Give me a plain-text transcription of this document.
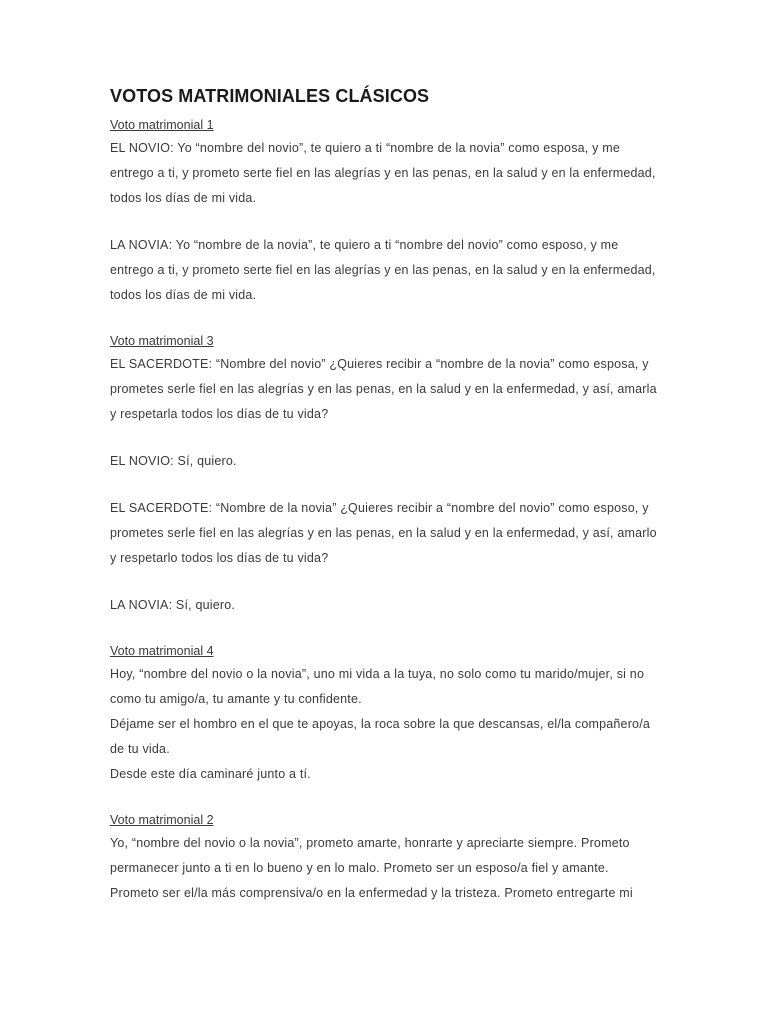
VOTOS MATRIMONIALES CLÁSICOS
Voto matrimonial 1

EL NOVIO: Yo “nombre del novio”, te quiero a ti “nombre de la novia” como esposa, y me entrego a ti, y prometo serte fiel en las alegrías y en las penas, en la salud y en la enfermedad, todos los días de mi vida.

LA NOVIA: Yo “nombre de la novia”, te quiero a ti “nombre del novio” como esposo, y me entrego a ti, y prometo serte fiel en las alegrías y en las penas, en la salud y en la enfermedad, todos los días de mi vida.

Voto matrimonial 3

EL SACERDOTE: “Nombre del novio” ¿Quieres recibir a “nombre de la novia” como esposa, y prometes serle fiel en las alegrías y en las penas, en la salud y en la enfermedad, y así, amarla y respetarla todos los días de tu vida?

EL NOVIO: Sí, quiero.

EL SACERDOTE: “Nombre de la novia” ¿Quieres recibir a “nombre del novio” como esposo, y prometes serle fiel en las alegrías y en las penas, en la salud y en la enfermedad, y así, amarlo y respetarlo todos los días de tu vida?

LA NOVIA: Sí, quiero.

Voto matrimonial 4

Hoy, “nombre del novio o la novia”, uno mi vida a la tuya, no solo como tu marido/mujer, si no como tu amigo/a, tu amante y tu confidente.

Déjame ser el hombro en el que te apoyas, la roca sobre la que descansas, el/la compañero/a de tu vida.

Desde este día caminaré junto a tí.

Voto matrimonial 2

Yo, “nombre del novio o la novia”, prometo amarte, honrarte y apreciarte siempre. Prometo permanecer junto a ti en lo bueno y en lo malo. Prometo ser un esposo/a fiel y amante. Prometo ser el/la más comprensiva/o en la enfermedad y la tristeza. Prometo entregarte mi
